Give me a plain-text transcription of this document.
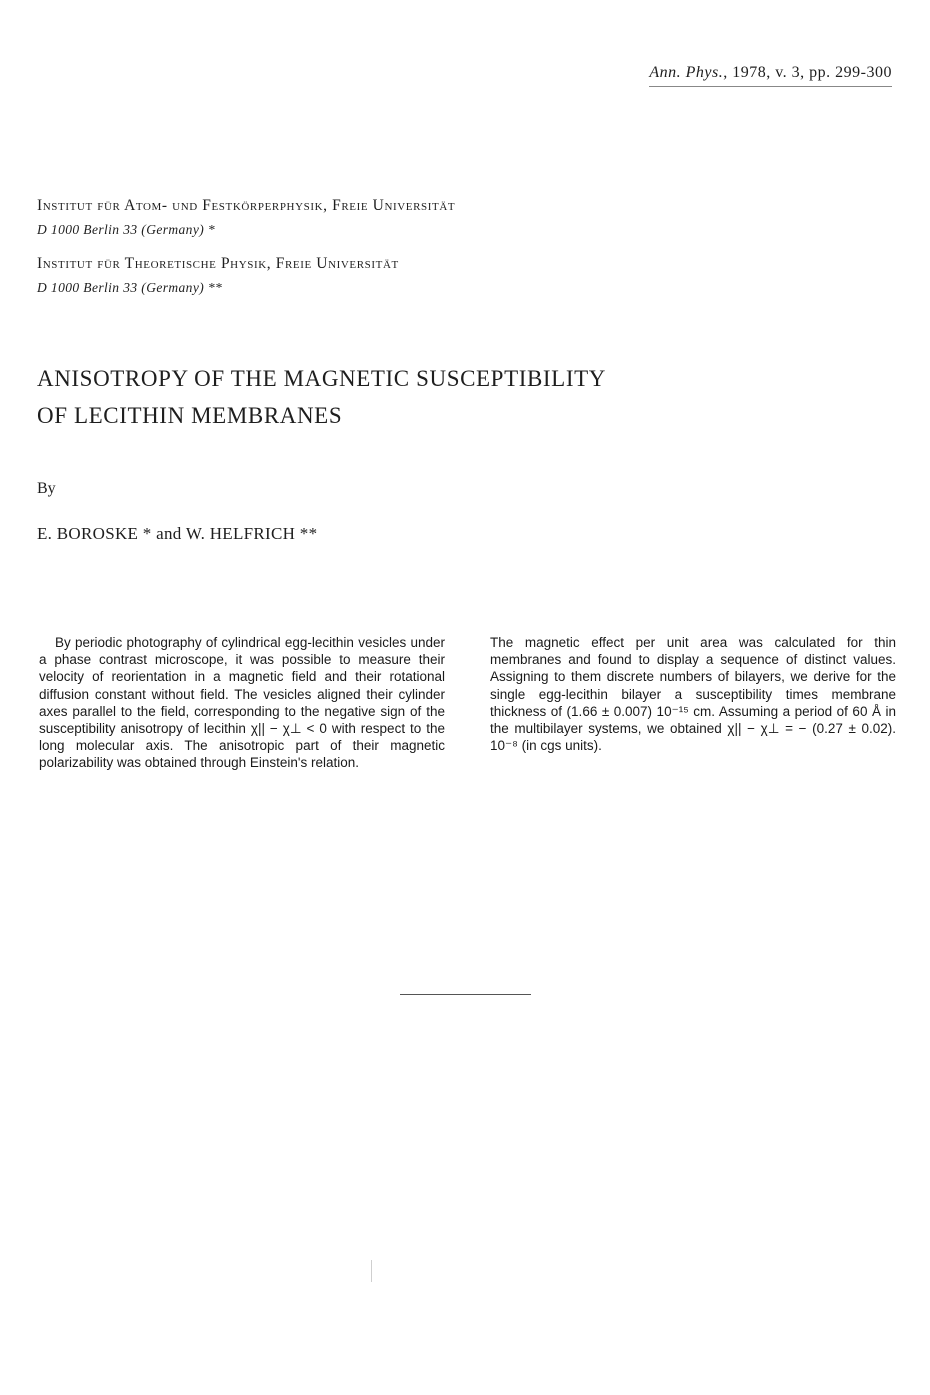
Ann. Phys., 1978, v. 3, pp. 299-300
Institut für Atom- und Festkörperphysik, Freie Universität
D 1000 Berlin 33 (Germany) *
Institut für Theoretische Physik, Freie Universität
D 1000 Berlin 33 (Germany) **
ANISOTROPY OF THE MAGNETIC SUSCEPTIBILITY
OF LECITHIN MEMBRANES
By
E. BOROSKE * and W. HELFRICH **
By periodic photography of cylindrical egg-lecithin vesicles under a phase contrast microscope, it was possible to measure their velocity of reorientation in a magnetic field and their rotational diffusion constant without field. The vesicles aligned their cylinder axes parallel to the field, corresponding to the negative sign of the susceptibility anisotropy of lecithin χ|| − χ⊥ < 0 with respect to the long molecular axis. The anisotropic part of their magnetic polarizability was obtained through Einstein's relation.
The magnetic effect per unit area was calculated for thin membranes and found to display a sequence of distinct values. Assigning to them discrete numbers of bilayers, we derive for the single egg-lecithin bilayer a susceptibility times membrane thickness of (1.66 ± 0.007) 10⁻¹⁵ cm. Assuming a period of 60 Å in the multibilayer systems, we obtained χ|| − χ⊥ = − (0.27 ± 0.02). 10⁻⁸ (in cgs units).
